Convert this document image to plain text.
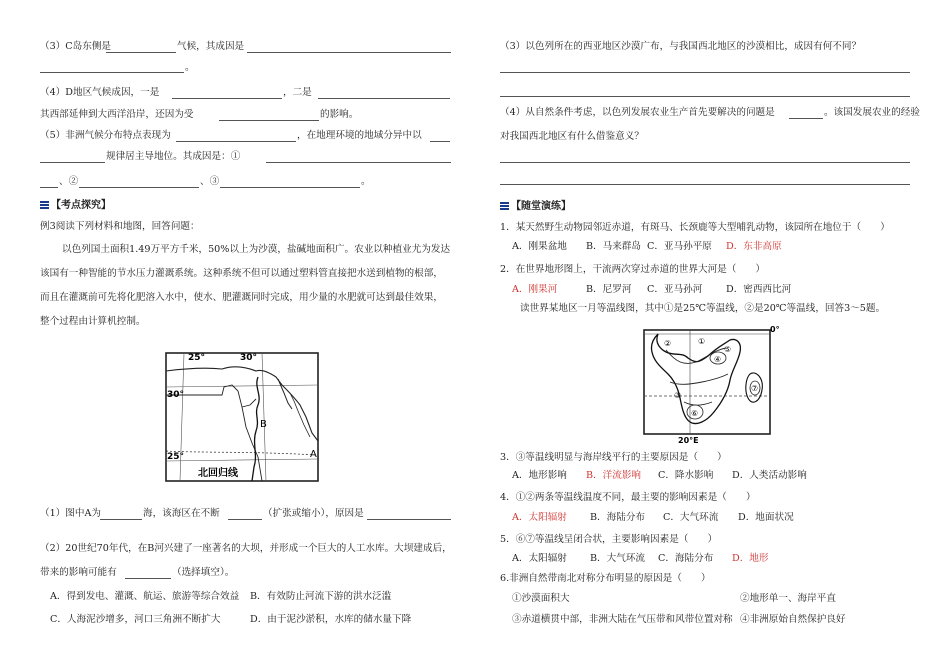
（3）C岛东侧是	气候，其成因是
。
（4）D地区气候成因，一是	，二是
其西部延伸到大西洋沿岸，还因为受	的影响。
（5）非洲气候分布特点表现为	，在地理环境的地域分异中以
规律居主导地位。其成因是：①
、②	、③	。
【考点探究】
例3阅读下列材料和地图，回答问题：
以色列国土面积1.49万平方千米，50%以上为沙漠，盐碱地面积广。农业以种植业尤为发达
该国有一种智能的节水压力灌溉系统。这种系统不但可以通过塑料管直接把水送到植物的根部，
而且在灌溉前可先将化肥溶入水中，使水、肥灌溉同时完成，用少量的水肥就可达到最佳效果，
整个过程由计算机控制。
25°	30°
30°
25°
B
A
北回归线
（1）图中A为	海，该海区在不断	（扩张或缩小），原因是
（2）20世纪70年代，在B河兴建了一座著名的大坝，并形成一个巨大的人工水库。大坝建成后，
带来的影响可能有	（选择填空）。
A．得到发电、灌溉、航运、旅游等综合效益 B．有效防止河流下游的洪水泛滥
C．人海泥沙增多，河口三角洲不断扩大	D．由于泥沙淤积，水库的储水量下降
（3）以色列所在的西亚地区沙漠广布，与我国西北地区的沙漠相比，成因有何不同？
（4）从自然条件考虑，以色列发展农业生产首先要解决的问题是	。该国发展农业的经验
对我国西北地区有什么借鉴意义？
【随堂演练】
1．某天然野生动物园邻近赤道，有斑马、长颈鹿等大型哺乳动物，该园所在地位于（　　）
A．刚果盆地 B．马来群岛 C．亚马孙平原 D．东非高原
2．在世界地形图上，干流两次穿过赤道的世界大河是（　　）
A．刚果河	B．尼罗河 C．亚马孙河 D．密西西比河
读世界某地区一月等温线图，其中①是25℃等温线，②是20℃等温线，回答3～5题。
0°
20°E
①
②
③
④
⑤
⑥
⑦
3．③等温线明显与海岸线平行的主要原因是（　　）
A．地形影响 B．洋流影响 C．降水影响 D．人类活动影响
4．①②两条等温线温度不同，最主要的影响因素是（　　）
A．太阳辐射 B．海陆分布 C．大气环流 D．地面状况
5．⑥⑦等温线呈闭合状，主要影响因素是（　　）
A．太阳辐射 B．大气环流 C．海陆分布 D．地形
6.非洲自然带南北对称分布明显的原因是（　　）
①沙漠面积大	②地形单一、海岸平直
③赤道横贯中部，非洲大陆在气压带和风带位置对称 ④非洲原始自然保护良好
